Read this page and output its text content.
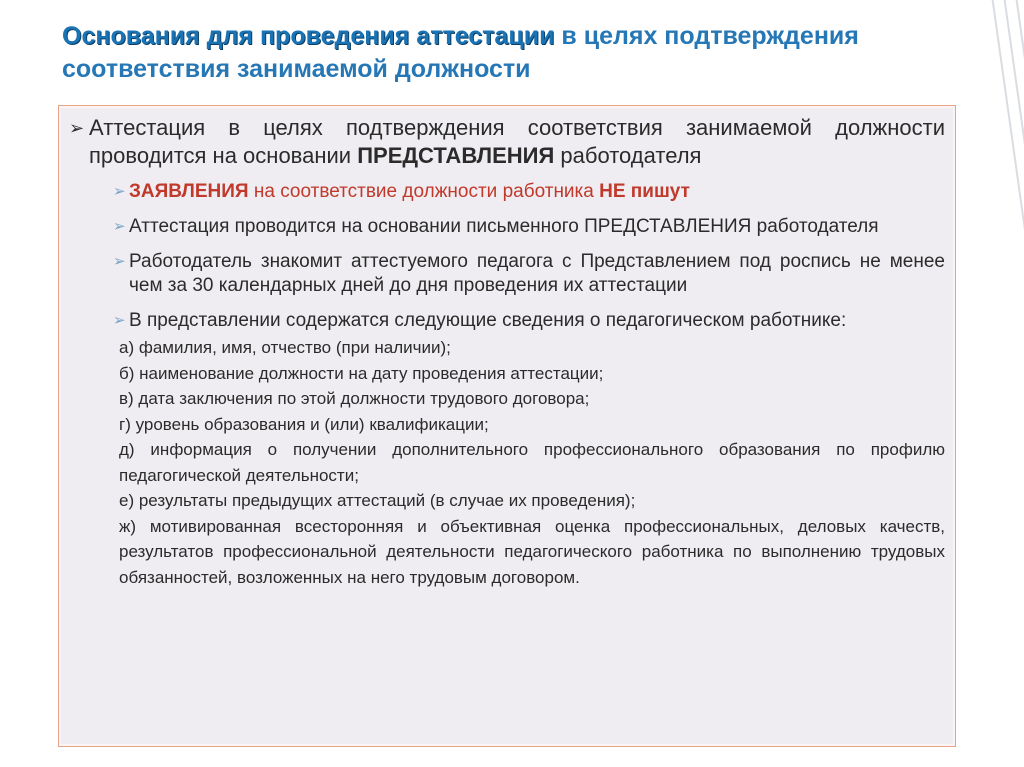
Основания для проведения аттестации в целях подтверждения соответствия занимаемой должности
➢ Аттестация в целях подтверждения соответствия занимаемой должности проводится на основании ПРЕДСТАВЛЕНИЯ работодателя
➢ ЗАЯВЛЕНИЯ на соответствие должности работника НЕ пишут
➢ Аттестация проводится на основании письменного ПРЕДСТАВЛЕНИЯ работодателя
➢ Работодатель знакомит аттестуемого педагога с Представлением под роспись не менее чем за 30 календарных дней до дня проведения их аттестации
➢ В представлении содержатся следующие сведения о педагогическом работнике:
а) фамилия, имя, отчество (при наличии);
б) наименование должности на дату проведения аттестации;
в) дата заключения по этой должности трудового договора;
г) уровень образования и (или) квалификации;
д) информация о получении дополнительного профессионального образования по профилю педагогической деятельности;
е) результаты предыдущих аттестаций (в случае их проведения);
ж) мотивированная всесторонняя и объективная оценка профессиональных, деловых качеств, результатов профессиональной деятельности педагогического работника по выполнению трудовых обязанностей, возложенных на него трудовым договором.
